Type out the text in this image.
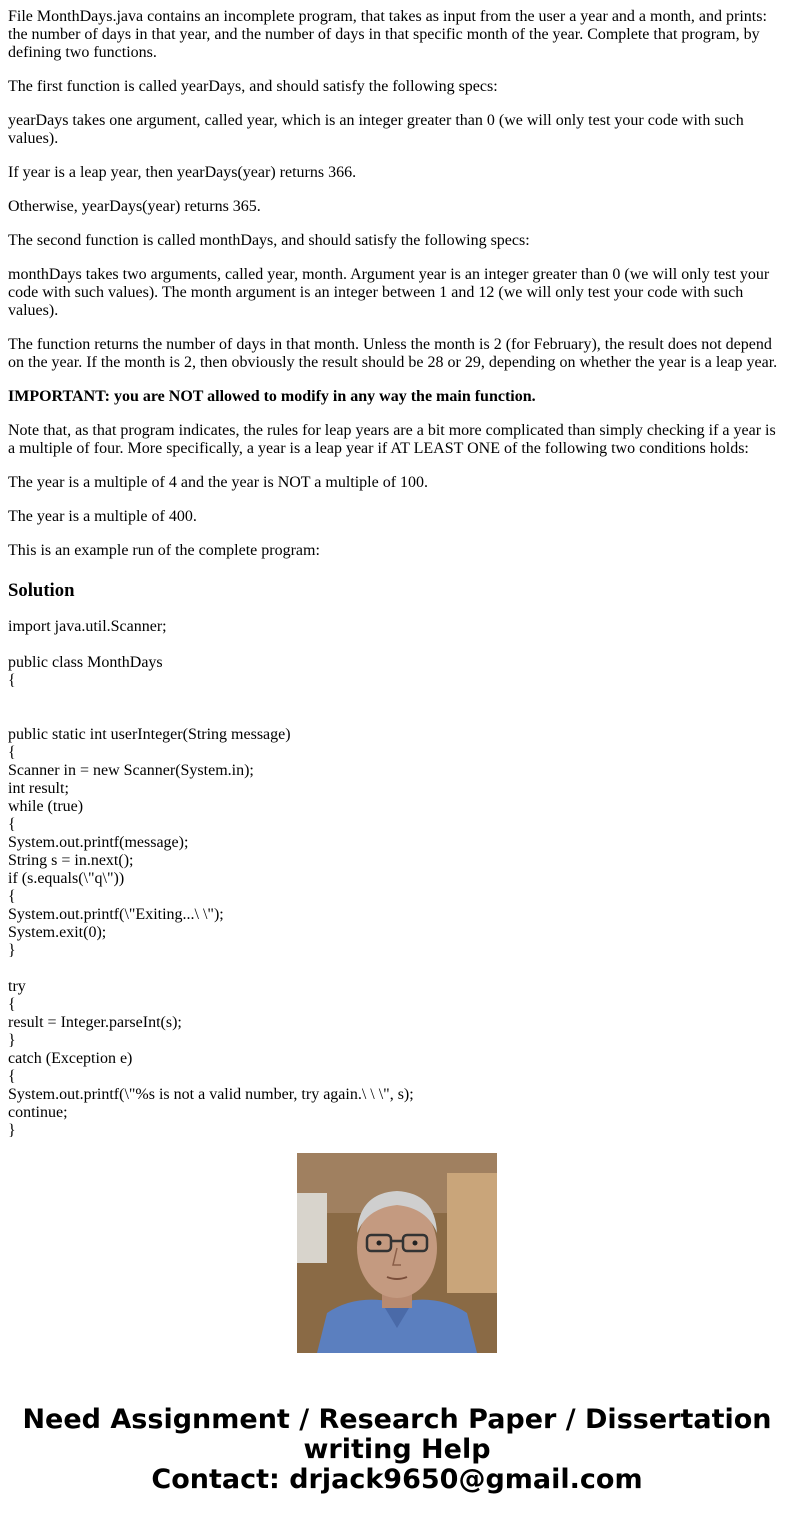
File MonthDays.java contains an incomplete program, that takes as input from the user a year and a month, and prints: the number of days in that year, and the number of days in that specific month of the year. Complete that program, by defining two functions.

The first function is called yearDays, and should satisfy the following specs:

yearDays takes one argument, called year, which is an integer greater than 0 (we will only test your code with such values).

If year is a leap year, then yearDays(year) returns 366.

Otherwise, yearDays(year) returns 365.

The second function is called monthDays, and should satisfy the following specs:

monthDays takes two arguments, called year, month. Argument year is an integer greater than 0 (we will only test your code with such values). The month argument is an integer between 1 and 12 (we will only test your code with such values).

The function returns the number of days in that month. Unless the month is 2 (for February), the result does not depend on the year. If the month is 2, then obviously the result should be 28 or 29, depending on whether the year is a leap year.

IMPORTANT: you are NOT allowed to modify in any way the main function.

Note that, as that program indicates, the rules for leap years are a bit more complicated than simply checking if a year is a multiple of four. More specifically, a year is a leap year if AT LEAST ONE of the following two conditions holds:

The year is a multiple of 4 and the year is NOT a multiple of 100.

The year is a multiple of 400.

This is an example run of the complete program:

Solution
import java.util.Scanner;
public class MonthDays
{
public static int userInteger(String message)
{
Scanner in = new Scanner(System.in);
int result;
while (true)
{
System.out.printf(message);
String s = in.next();
if (s.equals(\"q\"))
{
System.out.printf(\"Exiting...\ \");
System.exit(0);
}
try
{
result = Integer.parseInt(s);
}
catch (Exception e)
{
System.out.printf(\"%s is not a valid number, try again.\ \ \", s);
continue;
}
Need Assignment / Research Paper / Dissertation
writing Help
Contact: drjack9650@gmail.com
